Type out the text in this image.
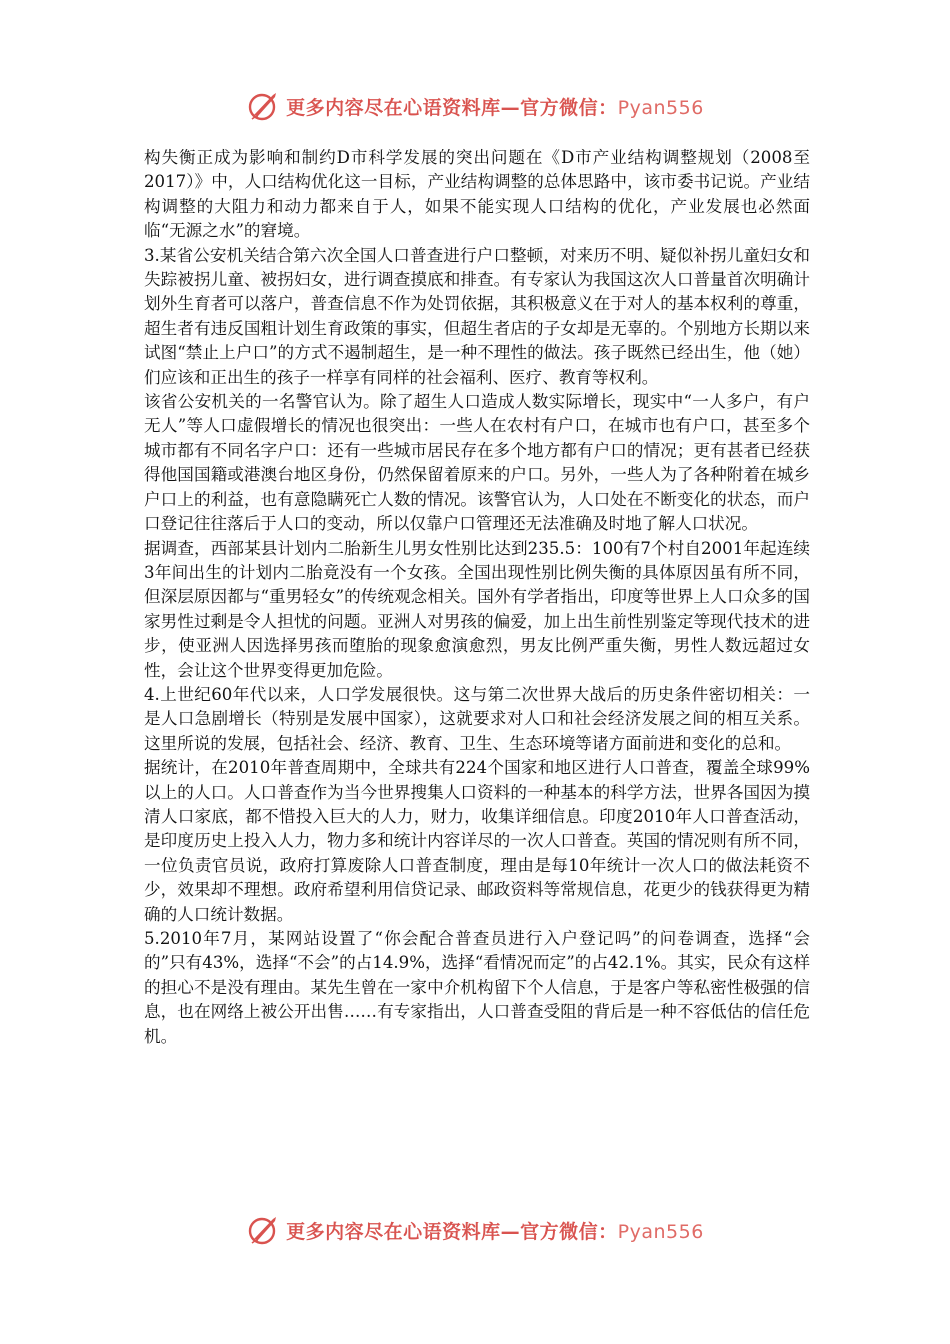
更多内容尽在心语资料库—官方微信：Pyan556

构失衡正成为影响和制约D市科学发展的突出问题在《D市产业结构调整规划（2008至2017）》中，人口结构优化这一目标，产业结构调整的总体思路中，该市委书记说。产业结构调整的大阻力和动力都来自于人，如果不能实现人口结构的优化，产业发展也必然面临“无源之水”的窘境。

3.某省公安机关结合第六次全国人口普查进行户口整顿，对来历不明、疑似补拐儿童妇女和失踪被拐儿童、被拐妇女，进行调查摸底和排查。有专家认为我国这次人口普量首次明确计划外生育者可以落户，普查信息不作为处罚依据，其积极意义在于对人的基本权利的尊重，超生者有违反国粗计划生育政策的事实，但超生者店的子女却是无辜的。个别地方长期以来试图“禁止上户口”的方式不遏制超生，是一种不理性的做法。孩子既然已经出生，他（她）们应该和正出生的孩子一样享有同样的社会福利、医疗、教育等权利。

该省公安机关的一名警官认为。除了超生人口造成人数实际增长，现实中“一人多户，有户无人”等人口虚假增长的情况也很突出：一些人在农村有户口，在城市也有户口，甚至多个城市都有不同名字户口：还有一些城市居民存在多个地方都有户口的情况；更有甚者已经获得他国国籍或港澳台地区身份，仍然保留着原来的户口。另外，一些人为了各种附着在城乡户口上的利益，也有意隐瞒死亡人数的情况。该警官认为，人口处在不断变化的状态，而户口登记往往落后于人口的变动，所以仅靠户口管理还无法准确及时地了解人口状况。

据调查，西部某县计划内二胎新生儿男女性别比达到235.5：100有7个村自2001年起连续3年间出生的计划内二胎竟没有一个女孩。全国出现性别比例失衡的具体原因虽有所不同，但深层原因都与“重男轻女”的传统观念相关。国外有学者指出，印度等世界上人口众多的国家男性过剩是令人担忧的问题。亚洲人对男孩的偏爱，加上出生前性别鉴定等现代技术的进步，使亚洲人因选择男孩而堕胎的现象愈演愈烈，男友比例严重失衡，男性人数远超过女性，会让这个世界变得更加危险。

4.上世纪60年代以来，人口学发展很快。这与第二次世界大战后的历史条件密切相关：一是人口急剧增长（特别是发展中国家），这就要求对人口和社会经济发展之间的相互关系。这里所说的发展，包括社会、经济、教育、卫生、生态环境等诸方面前进和变化的总和。

据统计，在2010年普查周期中，全球共有224个国家和地区进行人口普查，覆盖全球99%以上的人口。人口普查作为当今世界搜集人口资料的一种基本的科学方法，世界各国因为摸清人口家底，都不惜投入巨大的人力，财力，收集详细信息。印度2010年人口普查活动，是印度历史上投入人力，物力多和统计内容详尽的一次人口普查。英国的情况则有所不同，一位负责官员说，政府打算废除人口普查制度，理由是每10年统计一次人口的做法耗资不少，效果却不理想。政府希望利用信贷记录、邮政资料等常规信息，花更少的钱获得更为精确的人口统计数据。

5.2010年7月，某网站设置了“你会配合普查员进行入户登记吗”的问卷调查，选择“会的”只有43%，选择“不会”的占14.9%，选择“看情况而定”的占42.1%。其实，民众有这样的担心不是没有理由。某先生曾在一家中介机构留下个人信息，于是客户等私密性极强的信息，也在网络上被公开出售……有专家指出，人口普查受阻的背后是一种不容低估的信任危机。

更多内容尽在心语资料库—官方微信：Pyan556
